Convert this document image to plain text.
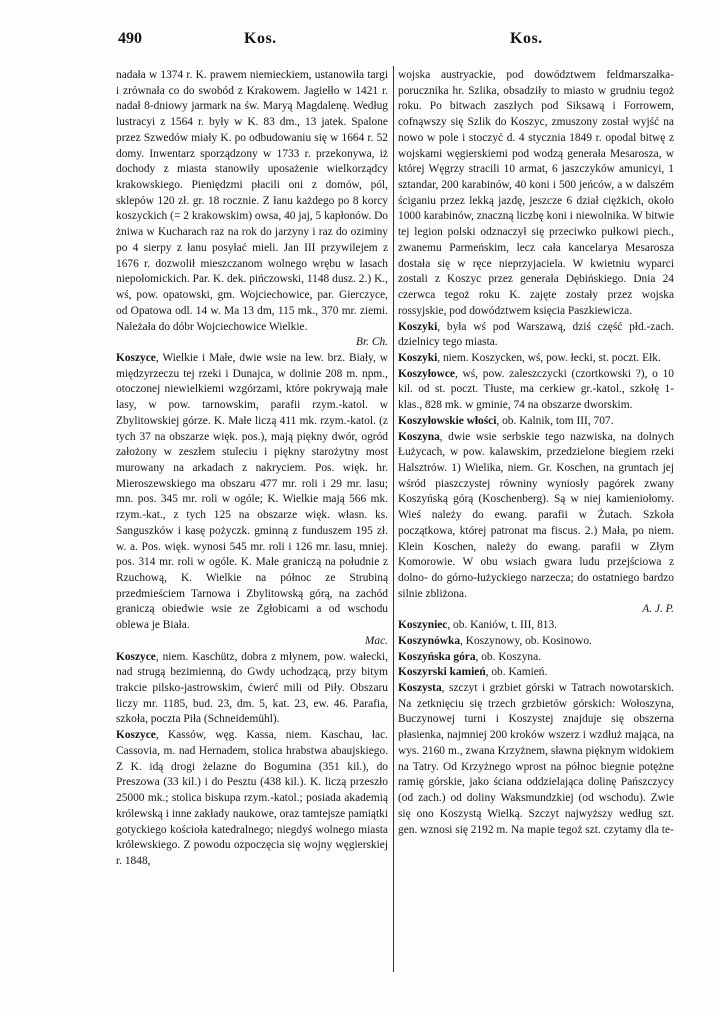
490	Kos.	Kos.

nadała w 1374 r. K. prawem niemieckiem, ustanowiła targi i zrównała co do swobód z Krakowem. Jagiełło w 1421 r. nadał 8-dniowy jarmark na św. Maryą Magdalenę. Według lustracyi z 1564 r. były w K. 83 dm., 13 jatek. Spalone przez Szwedów miały K. po odbudowaniu się w 1664 r. 52 domy. Inwentarz sporządzony w 1733 r. przekonywa, iż dochody z miasta stanowiły uposażenie wielkorządcy krakowskiego. Pieniędzmi płacili oni z domów, pól, sklepów 120 zł. gr. 18 rocznie. Z łanu każdego po 8 korcy koszyckich (= 2 krakowskim) owsa, 40 jaj, 5 kapłonów. Do żniwa w Kucharach raz na rok do jarzyny i raz do oziminy po 4 sierpy z łanu posyłać mieli. Jan III przywilejem z 1676 r. dozwolił mieszczanom wolnego wrębu w lasach niepołomickich. Par. K. dek. pińczowski, 1148 dusz. 2.) K., wś, pow. opatowski, gm. Wojciechowice, par. Gierczyce, od Opatowa odl. 14 w. Ma 13 dm, 115 mk., 370 mr. ziemi. Należała do dóbr Wojciechowice Wielkie.
Br. Ch.

Koszyce, Wielkie i Małe, dwie wsie na lew. brz. Biały, w międzyrzeczu tej rzeki i Dunajca, w dolinie 208 m. npm., otoczonej niewielkiemi wzgórzami, które pokrywają małe lasy, w pow. tarnowskim, parafii rzym.-katol. w Zbylitowskiej górze. K. Małe liczą 411 mk. rzym.-katol. (z tych 37 na obszarze więk. pos.), mają piękny dwór, ogród założony w zeszłem stuleciu i piękny starożytny most murowany na arkadach z nakryciem. Pos. więk. hr. Mieroszewskiego ma obszaru 477 mr. roli i 29 mr. lasu; mn. pos. 345 mr. roli w ogóle; K. Wielkie mają 566 mk. rzym.-kat., z tych 125 na obszarze więk. własn. ks. Sanguszków i kasę pożyczk. gminną z funduszem 195 zł. w. a. Pos. więk. wynosi 545 mr. roli i 126 mr. lasu, mniej. pos. 314 mr. roli w ogóle. K. Małe graniczą na południe z Rzuchową, K. Wielkie na północ ze Strubiną przedmieściem Tarnowa i Zbylitowską górą, na zachód graniczą obiedwie wsie ze Zgłobicami a od wschodu oblewa je Biała.
Mac.

Koszyce, niem. Kaschütz, dobra z młynem, pow. wałecki, nad strugą bezimienną, do Gwdy uchodzącą, przy bitym trakcie pilsko-jastrowskim, ćwierć mili od Piły. Obszaru liczy mr. 1185, bud. 23, dm. 5, kat. 23, ew. 46. Parafia, szkoła, poczta Piła (Schneidemühl).

Koszyce, Kassów, węg. Kassa, niem. Kaschau, łac. Cassovia, m. nad Hernadem, stolica hrabstwa abaujskiego. Z K. idą drogi żelazne do Bogumina (351 kil.), do Preszowa (33 kil.) i do Pesztu (438 kil.). K. liczą przeszło 25000 mk.; stolica biskupa rzym.-katol.; posiada akademią królewską i inne zakłady naukowe, oraz tamtejsze pamiątki gotyckiego kościoła katedralnego; niegdyś wolnego miasta królewskiego. Z powodu ozpoczęcia się wojny węgierskiej r. 1848,

wojska austryackie, pod dowództwem feldmarszałka-porucznika hr. Szlika, obsadziły to miasto w grudniu tegoż roku. Po bitwach zaszłych pod Siksawą i Forrowem, cofnąwszy się Szlik do Koszyc, zmuszony został wyjść na nowo w pole i stoczyć d. 4 stycznia 1849 r. opodal bitwę z wojskami węgierskiemi pod wodzą generała Mesarosza, w której Węgrzy stracili 10 armat, 6 jaszczyków amunicyi, 1 sztandar, 200 karabinów, 40 koni i 500 jeńców, a w dalszém ściganiu przez lekką jazdę, jeszcze 6 dział ciężkich, około 1000 karabinów, znaczną liczbę koni i niewolnika. W bitwie tej legion polski odznaczył się przeciwko pułkowi piech., zwanemu Parmeńskim, lecz cała kancelarya Mesarosza dostała się w ręce nieprzyjaciela. W kwietniu wyparci zostali z Koszyc przez generała Dębińskiego. Dnia 24 czerwca tegoż roku K. zajęte zostały przez wojska rossyjskie, pod dowództwem księcia Paszkiewicza.

Koszyki, była wś pod Warszawą, dziś część płd.-zach. dzielnicy tego miasta.

Koszyki, niem. Koszycken, wś, pow. łecki, st. poczt. Ełk.

Koszyłowce, wś, pow. zaleszczycki (czortkowski ?), o 10 kil. od st. poczt. Tłuste, ma cerkiew gr.-katol., szkołę 1-klas., 828 mk. w gminie, 74 na obszarze dworskim.

Koszyłowskie włości, ob. Kalnik, tom III, 707.

Koszyna, dwie wsie serbskie tego nazwiska, na dolnych Łużycach, w pow. kalawskim, przedzielone biegiem rzeki Halsztrów. 1) Wielika, niem. Gr. Koschen, na gruntach jej wśród piaszczystej równiny wyniosły pagórek zwany Koszyńską górą (Koschenberg). Są w niej kamieniołomy. Wieś należy do ewang. parafii w Żutach. Szkoła początkowa, której patronat ma fiscus. 2.) Mała, po niem. Klein Koschen, należy do ewang. parafii w Złym Komorowie. W obu wsiach gwara ludu przejściowa z dolno- do górno-łużyckiego narzecza; do ostatniego bardzo silnie zbliżona.
A. J. P.

Koszyniec, ob. Kaniów, t. III, 813.

Koszynówka, Koszynowy, ob. Kosinowo.

Koszyńska góra, ob. Koszyna.

Koszyrski kamień, ob. Kamień.

Koszysta, szczyt i grzbiet górski w Tatrach nowotarskich. Na zetknięciu się trzech grzbietów górskich: Wołoszyna, Buczynowej turni i Koszystej znajduje się obszerna płasienka, najmniej 200 kroków wszerz i wzdłuż mająca, na wys. 2160 m., zwana Krzyżnem, sławna pięknym widokiem na Tatry. Od Krzyżnego wprost na północ biegnie potężne ramię górskie, jako ściana oddzielająca dolinę Pańszczycy (od zach.) od doliny Waksmundzkiej (od wschodu). Zwie się ono Koszystą Wielką. Szczyt najwyższy według szt. gen. wznosi się 2192 m. Na mapie tegoż szt. czytamy dla te-
